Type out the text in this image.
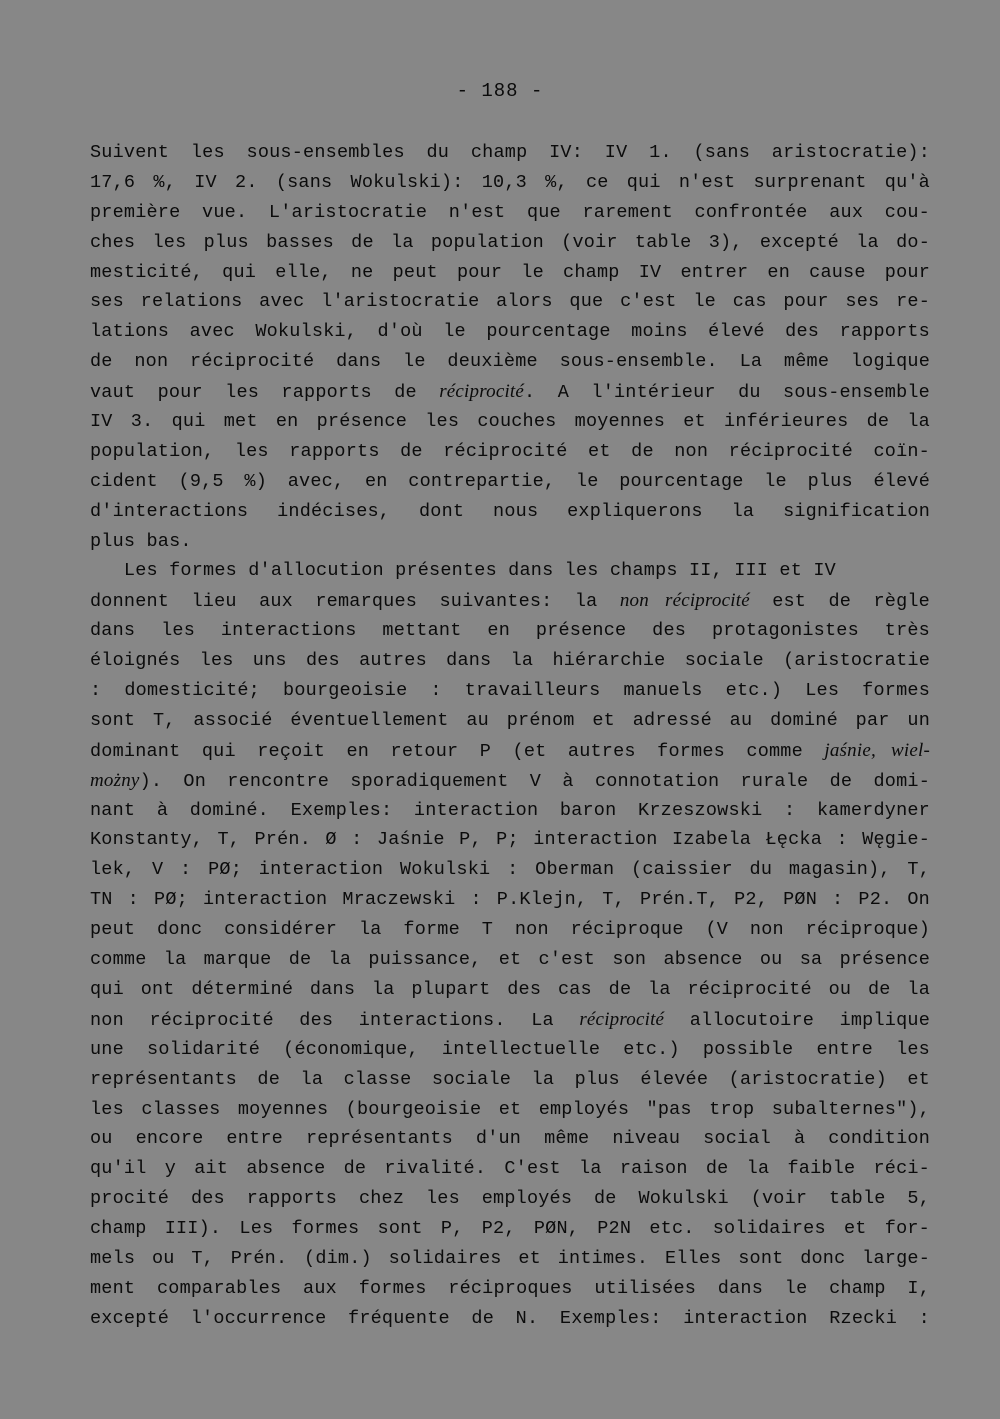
- 188 -
Suivent les sous-ensembles du champ IV: IV 1. (sans aristocratie):
17,6 %, IV 2. (sans Wokulski): 10,3 %, ce qui n'est surprenant qu'à
première vue. L'aristocratie n'est que rarement confrontée aux cou-
ches les plus basses de la population (voir table 3), excepté la do-
mesticité, qui elle, ne peut pour le champ IV entrer en cause pour
ses relations avec l'aristocratie alors que c'est le cas pour ses re-
lations avec Wokulski, d'où le pourcentage moins élevé des rapports
de non réciprocité dans le deuxième sous-ensemble. La même logique
vaut pour les rapports de réciprocité. A l'intérieur du sous-ensemble
IV 3. qui met en présence les couches moyennes et inférieures de la
population, les rapports de réciprocité et de non réciprocité coïn-
cident (9,5 %) avec, en contrepartie, le pourcentage le plus élevé
d'interactions indécises, dont nous expliquerons la signification
plus bas.
Les formes d'allocution présentes dans les champs II, III et IV
donnent lieu aux remarques suivantes: la non réciprocité est de règle
dans les interactions mettant en présence des protagonistes très
éloignés les uns des autres dans la hiérarchie sociale (aristocratie
: domesticité; bourgeoisie : travailleurs manuels etc.) Les formes
sont T, associé éventuellement au prénom et adressé au dominé par un
dominant qui reçoit en retour P (et autres formes comme jaśnie, wiel-
możny). On rencontre sporadiquement V à connotation rurale de domi-
nant à dominé. Exemples: interaction baron Krzeszowski : kamerdyner
Konstanty, T, Prén. Ø : Jaśnie P, P; interaction Izabela Łęcka : Węgie-
lek, V : PØ; interaction Wokulski : Oberman (caissier du magasin), T,
TN : PØ; interaction Mraczewski : P.Klejn, T, Prén.T, P2, PØN : P2. On
peut donc considérer la forme T non réciproque (V non réciproque)
comme la marque de la puissance, et c'est son absence ou sa présence
qui ont déterminé dans la plupart des cas de la réciprocité ou de la
non réciprocité des interactions. La réciprocité allocutoire implique
une solidarité (économique, intellectuelle etc.) possible entre les
représentants de la classe sociale la plus élevée (aristocratie) et
les classes moyennes (bourgeoisie et employés "pas trop subalternes"),
ou encore entre représentants d'un même niveau social à condition
qu'il y ait absence de rivalité. C'est la raison de la faible réci-
procité des rapports chez les employés de Wokulski (voir table 5,
champ III). Les formes sont P, P2, PØN, P2N etc. solidaires et for-
mels ou T, Prén. (dim.) solidaires et intimes. Elles sont donc large-
ment comparables aux formes réciproques utilisées dans le champ I,
excepté l'occurrence fréquente de N. Exemples: interaction Rzecki :
